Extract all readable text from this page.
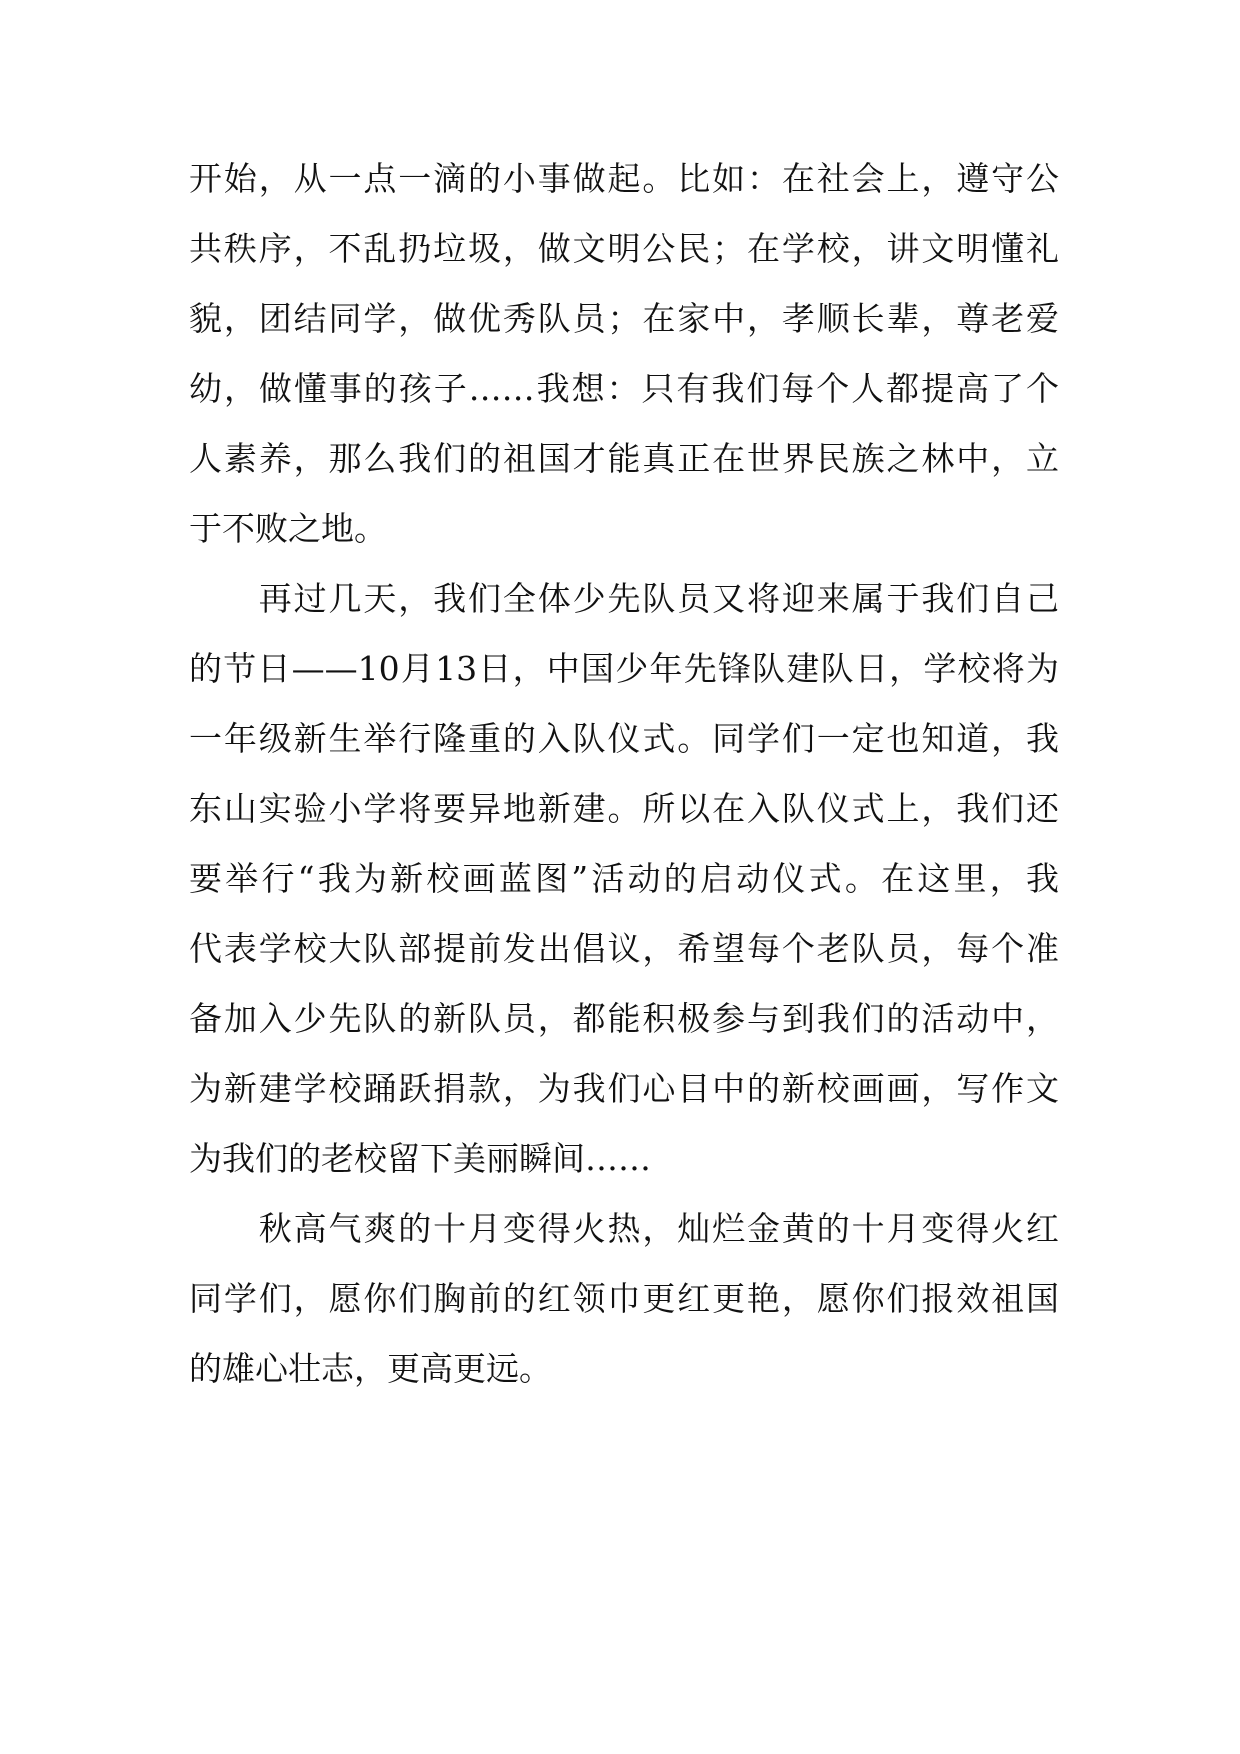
开始，从一点一滴的小事做起。比如：在社会上，遵守公
共秩序，不乱扔垃圾，做文明公民；在学校，讲文明懂礼
貌，团结同学，做优秀队员；在家中，孝顺长辈，尊老爱
幼，做懂事的孩子……我想：只有我们每个人都提高了个
人素养，那么我们的祖国才能真正在世界民族之林中，立
于不败之地。
　　再过几天，我们全体少先队员又将迎来属于我们自己
的节日——10月13日，中国少年先锋队建队日，学校将为
一年级新生举行隆重的入队仪式。同学们一定也知道，我
东山实验小学将要异地新建。所以在入队仪式上，我们还
要举行“我为新校画蓝图”活动的启动仪式。在这里，我
代表学校大队部提前发出倡议，希望每个老队员，每个准
备加入少先队的新队员，都能积极参与到我们的活动中，
为新建学校踊跃捐款，为我们心目中的新校画画，写作文
为我们的老校留下美丽瞬间……
　　秋高气爽的十月变得火热，灿烂金黄的十月变得火红
同学们，愿你们胸前的红领巾更红更艳，愿你们报效祖国
的雄心壮志，更高更远。
